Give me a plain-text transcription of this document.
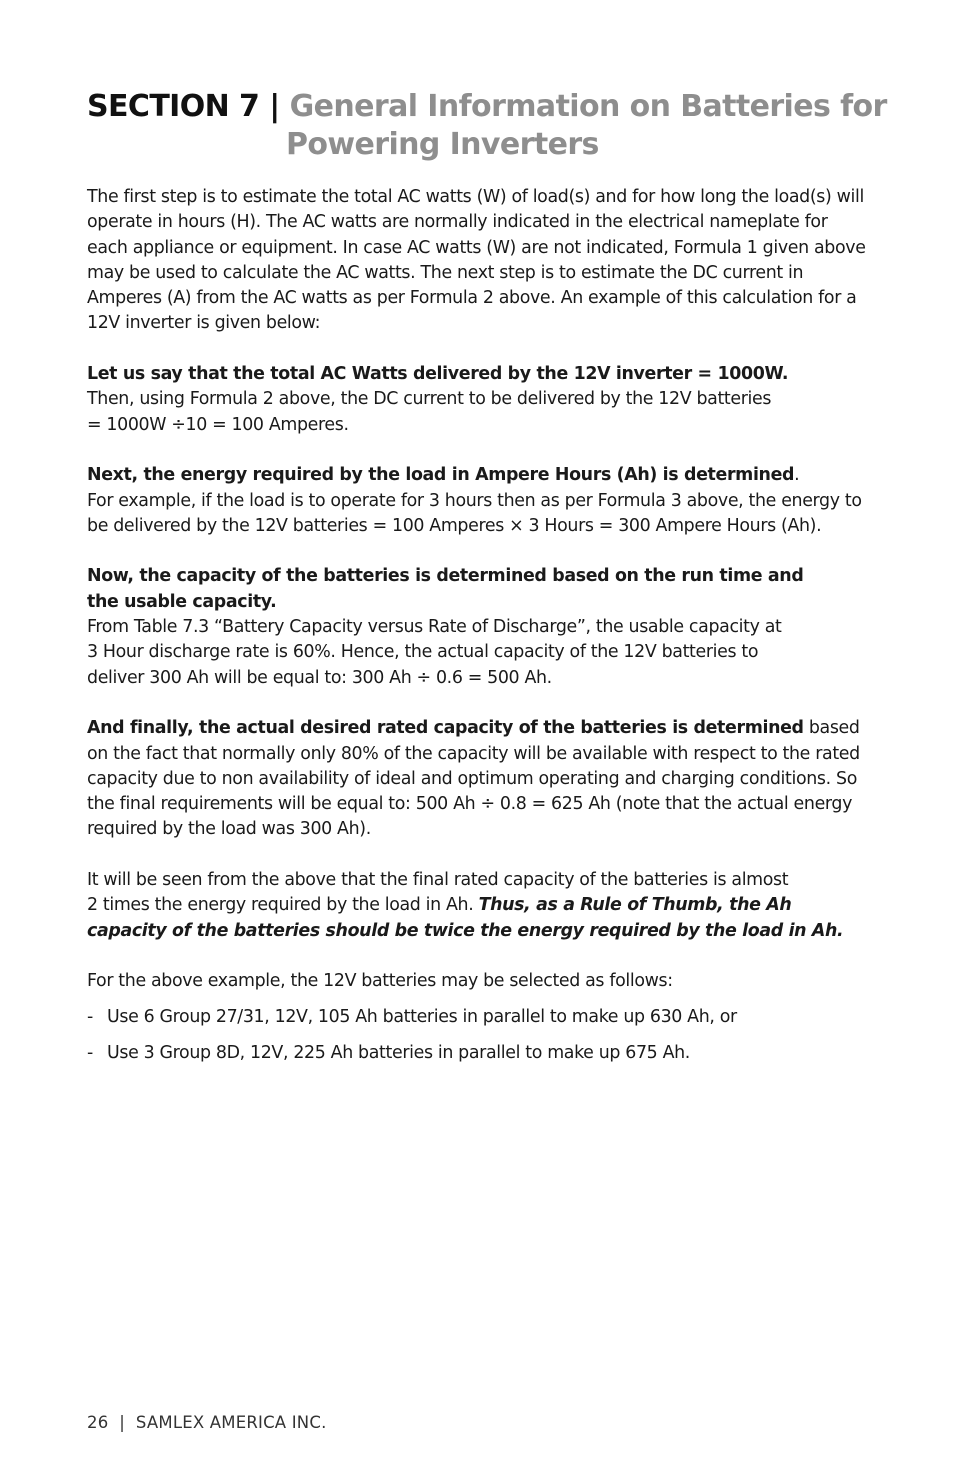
SECTION 7 | General Information on Batteries for
Powering Inverters

The first step is to estimate the total AC watts (W) of load(s) and for how long the load(s) will operate in hours (H). The AC watts are normally indicated in the electrical nameplate for each appliance or equipment. In case AC watts (W) are not indicated, Formula 1 given above may be used to calculate the AC watts. The next step is to estimate the DC current in Amperes (A) from the AC watts as per Formula 2 above. An example of this calculation for a 12V inverter is given below:

Let us say that the total AC Watts delivered by the 12V inverter = 1000W.
Then, using Formula 2 above, the DC current to be delivered by the 12V batteries
= 1000W ÷10 = 100 Amperes.

Next, the energy required by the load in Ampere Hours (Ah) is determined.
For example, if the load is to operate for 3 hours then as per Formula 3 above, the energy to be delivered by the 12V batteries = 100 Amperes × 3 Hours = 300 Ampere Hours (Ah).

Now, the capacity of the batteries is determined based on the run time and
the usable capacity.
From Table 7.3 “Battery Capacity versus Rate of Discharge”, the usable capacity at
3 Hour discharge rate is 60%. Hence, the actual capacity of the 12V batteries to
deliver 300 Ah will be equal to: 300 Ah ÷ 0.6 = 500 Ah.

And finally, the actual desired rated capacity of the batteries is determined based on the fact that normally only 80% of the capacity will be available with respect to the rated capacity due to non availability of ideal and optimum operating and charging conditions. So the final requirements will be equal to: 500 Ah ÷ 0.8 = 625 Ah (note that the actual energy required by the load was 300 Ah).

It will be seen from the above that the final rated capacity of the batteries is almost
2 times the energy required by the load in Ah. Thus, as a Rule of Thumb, the Ah capacity of the batteries should be twice the energy required by the load in Ah.

For the above example, the 12V batteries may be selected as follows:

- Use 6 Group 27/31, 12V, 105 Ah batteries in parallel to make up 630 Ah, or
- Use 3 Group 8D, 12V, 225 Ah batteries in parallel to make up 675 Ah.
26  |  SAMLEX AMERICA INC.
